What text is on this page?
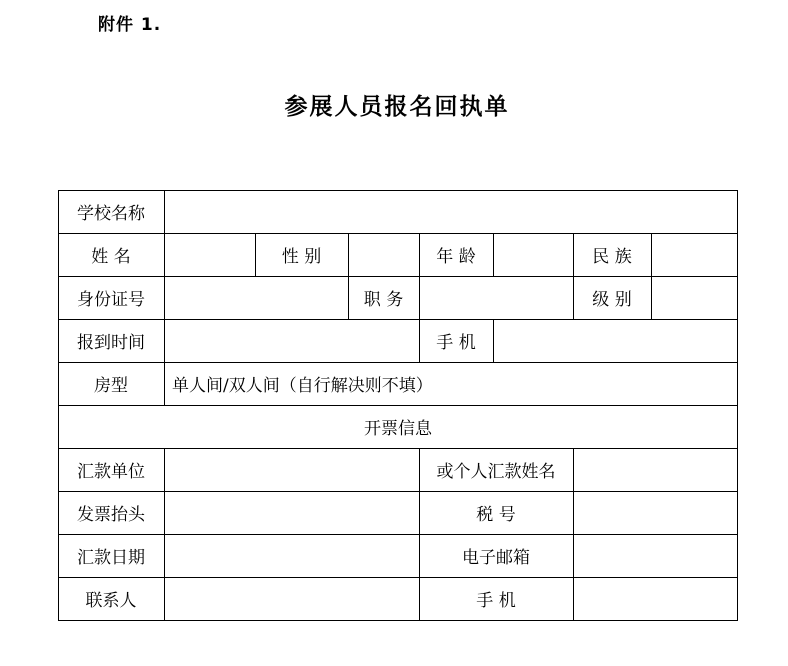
附件 1.
参展人员报名回执单
学校名称
姓 名	性 别	年 龄	民 族
身份证号	职 务	级 别
报到时间	手 机
房型	单人间/双人间（自行解决则不填）
开票信息
汇款单位	或个人汇款姓名
发票抬头	税 号
汇款日期	电子邮箱
联系人	手 机
